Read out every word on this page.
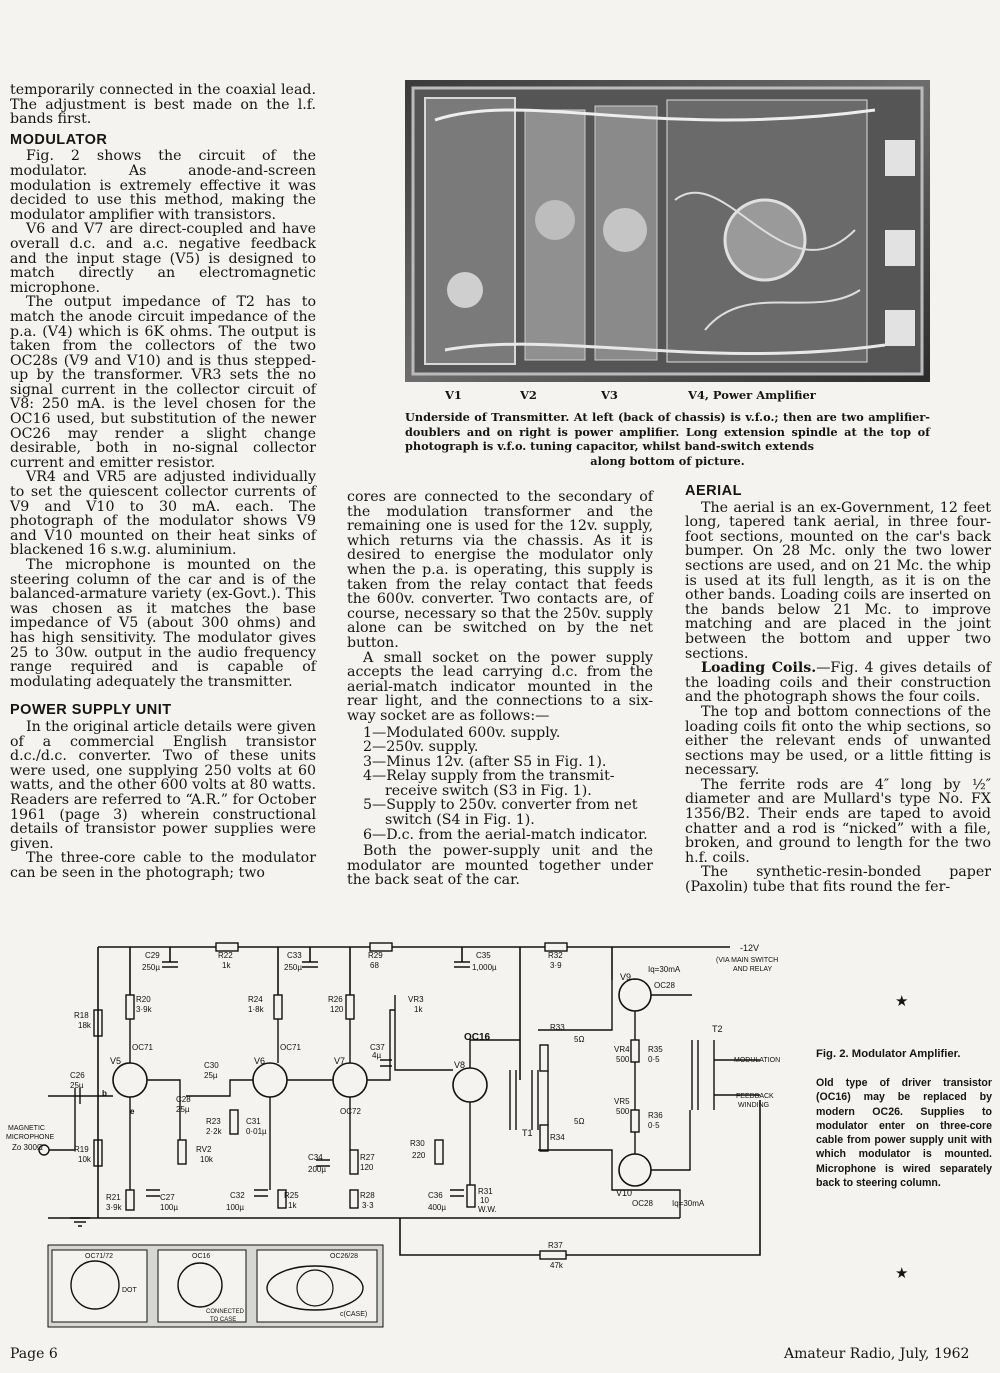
temporarily connected in the coaxial lead. The adjustment is best made on the l.f. bands first.

MODULATOR

Fig. 2 shows the circuit of the modulator. As anode-and-screen modulation is extremely effective it was decided to use this method, making the modulator amplifier with transistors.

V6 and V7 are direct-coupled and have overall d.c. and a.c. negative feedback and the input stage (V5) is designed to match directly an electromagnetic microphone.

The output impedance of T2 has to match the anode circuit impedance of the p.a. (V4) which is 6K ohms. The output is taken from the collectors of the two OC28s (V9 and V10) and is thus stepped-up by the transformer. VR3 sets the no signal current in the collector circuit of V8: 250 mA. is the level chosen for the OC16 used, but substitution of the newer OC26 may render a slight change desirable, both in no-signal collector current and emitter resistor.

VR4 and VR5 are adjusted individually to set the quiescent collector currents of V9 and V10 to 30 mA. each. The photograph of the modulator shows V9 and V10 mounted on their heat sinks of blackened 16 s.w.g. aluminium.

The microphone is mounted on the steering column of the car and is of the balanced-armature variety (ex-Govt.). This was chosen as it matches the base impedance of V5 (about 300 ohms) and has high sensitivity. The modulator gives 25 to 30w. output in the audio frequency range required and is capable of modulating adequately the transmitter.

POWER SUPPLY UNIT

In the original article details were given of a commercial English transistor d.c./d.c. converter. Two of these units were used, one supplying 250 volts at 60 watts, and the other 600 volts at 80 watts. Readers are referred to “A.R.” for October 1961 (page 3) wherein constructional details of transistor power supplies were given.

The three-core cable to the modulator can be seen in the photograph; two

V1	V2	V3	V4, Power Amplifier
Underside of Transmitter. At left (back of chassis) is v.f.o.; then are two amplifier-doublers and on right is power amplifier. Long extension spindle at the top of photograph is v.f.o. tuning capacitor, whilst band-switch extends
along bottom of picture.

cores are connected to the secondary of the modulation transformer and the remaining one is used for the 12v. supply, which returns via the chassis. As it is desired to energise the modulator only when the p.a. is operating, this supply is taken from the relay contact that feeds the 600v. converter. Two contacts are, of course, necessary so that the 250v. supply alone can be switched on by the net button.

A small socket on the power supply accepts the lead carrying d.c. from the aerial-match indicator mounted in the rear light, and the connections to a six-way socket are as follows:—

1—Modulated 600v. supply.
2—250v. supply.
3—Minus 12v. (after S5 in Fig. 1).
4—Relay supply from the transmit-receive switch (S3 in Fig. 1).
5—Supply to 250v. converter from net switch (S4 in Fig. 1).
6—D.c. from the aerial-match indicator.

Both the power-supply unit and the modulator are mounted together under the back seat of the car.

AERIAL

The aerial is an ex-Government, 12 feet long, tapered tank aerial, in three four-foot sections, mounted on the car's back bumper. On 28 Mc. only the two lower sections are used, and on 21 Mc. the whip is used at its full length, as it is on the other bands. Loading coils are inserted on the bands below 21 Mc. to improve matching and are placed in the joint between the bottom and upper two sections.

Loading Coils.—Fig. 4 gives details of the loading coils and their construction and the photograph shows the four coils.

The top and bottom connections of the loading coils fit onto the whip sections, so either the relevant ends of unwanted sections may be used, or a little fitting is necessary.

The ferrite rods are 4″ long by ½″ diameter and are Mullard's type No. FX 1356/B2. Their ends are taped to avoid chatter and a rod is “nicked” with a file, broken, and ground to length for the two h.f. coils.

The synthetic-resin-bonded paper (Paxolin) tube that fits round the fer-

C29
250µ
R22
1k
C33
250µ
R29
68
C35
1,000µ
R32
3·9
-12V
(VIA MAIN SWITCH
AND RELAY
R18
18k
R20
3·9k
R24
1·8k
R26
120
VR3
1k
R33
C37
4µ
OC16
C26
25µ
V5
OC71
b
e
C30
25µ
V6
OC71
V7
OC72
V8
C28
25µ
R23
2·2k
C31
0·01µ
RV2
10k	C34
200µ
R27
120
R19
10k
R30
220
R34
T1
R21
3·9k
C27
100µ
C32
100µ
R25
1k
R28
3·3
C36
400µ
R31
10
W.W.
V9
OC28
Iq=30mA
VR4
500
R35
0·5
VR5
500 R36
0·5
V10
OC28 Iq=30mA
5Ω
5Ω
T2
MODULATION
FEEDBACK
WINDING
MAGNETIC
MICROPHONE
Zo 300Ω
R37
47k
OC71/72	OC16	OC26/28
DOT
CONNECTED
TO CASE
c(CASE)
Fig. 2. Modulator Amplifier.
Old type of driver transistor (OC16) may be replaced by modern OC26. Supplies to modulator enter on three-core cable from power supply unit with which modulator is mounted. Microphone is wired separately back to steering column.
★
★
Page 6	Amateur Radio, July, 1962
